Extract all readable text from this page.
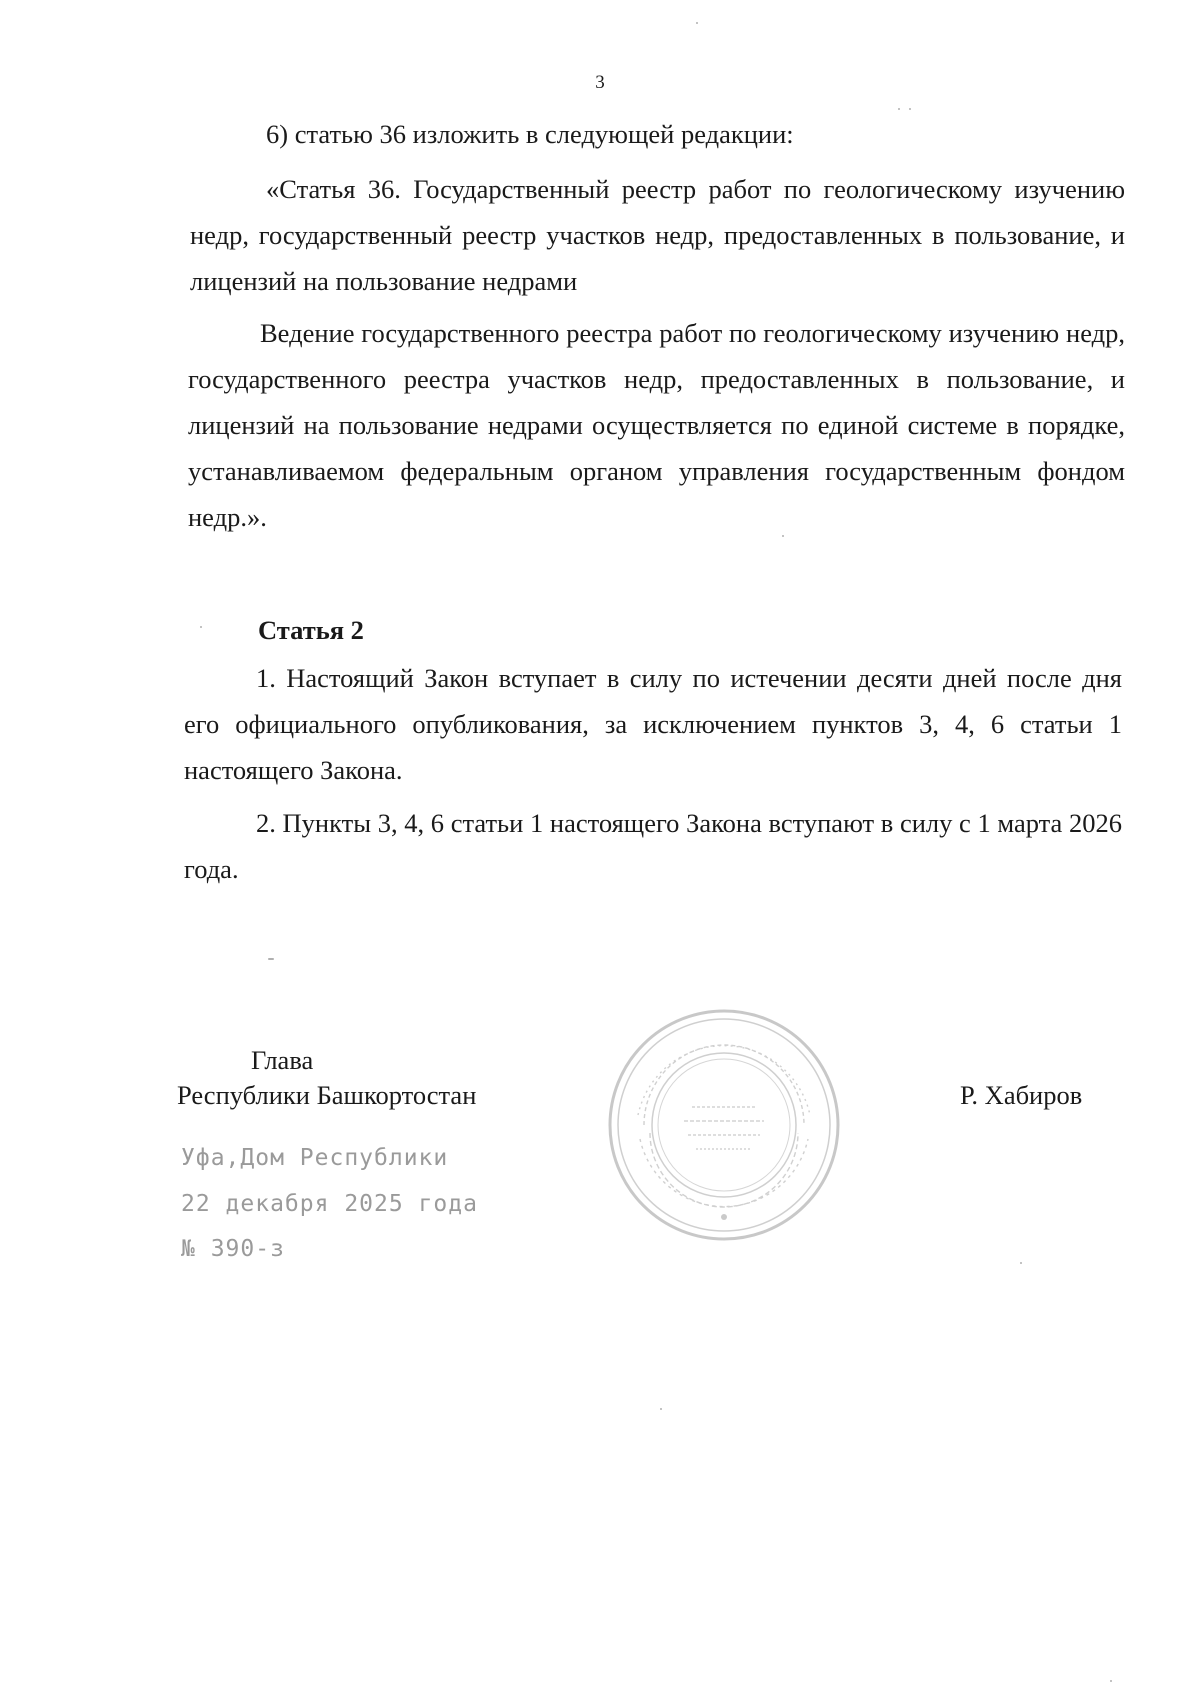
3

6) статью 36 изложить в следующей редакции:

«Статья 36. Государственный реестр работ по геологическому изучению недр, государственный реестр участков недр, предоставленных в пользование, и лицензий на пользование недрами

Ведение государственного реестра работ по геологическому изучению недр, государственного реестра участков недр, предоставленных в пользование, и лицензий на пользование недрами осуществляется по единой системе в порядке, устанавливаемом федеральным органом управления государственным фондом недр.».

Статья 2

1. Настоящий Закон вступает в силу по истечении десяти дней после дня его официального опубликования, за исключением пунктов 3, 4, 6 статьи 1 настоящего Закона.

2. Пункты 3, 4, 6 статьи 1 настоящего Закона вступают в силу с 1 марта 2026 года.

Глава
Республики Башкортостан	Р. Хабиров
Уфа,Дом Республики
22 декабря 2025 года
№ 390-з
